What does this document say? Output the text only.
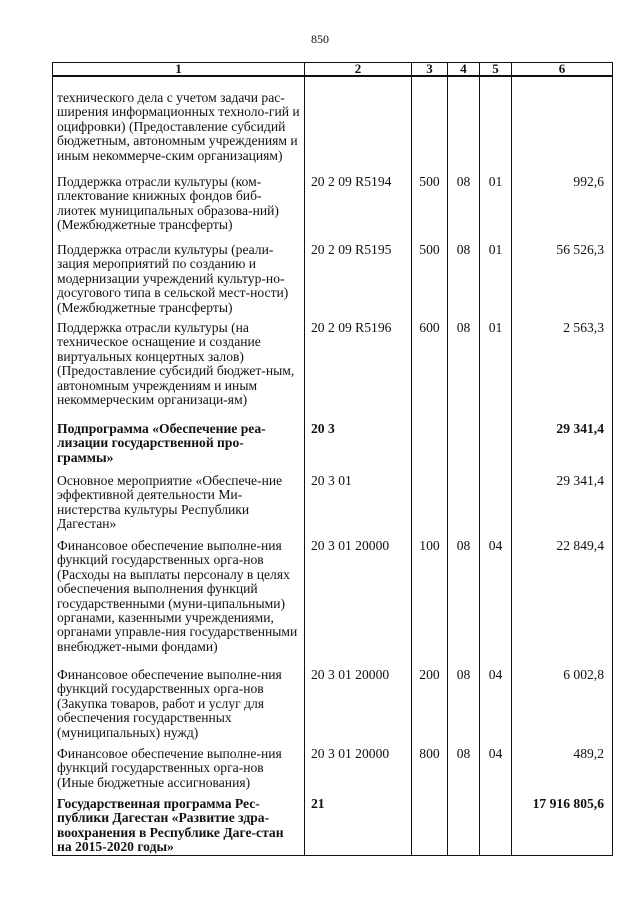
850
1	2	3	4	5	6
технического дела с учетом задачи рас-ширения информационных техноло-гий и оцифровки) (Предоставление субсидий бюджетным, автономным учреждениям и иным некоммерче-ским организациям)					
Поддержка отрасли культуры (ком-плектование книжных фондов биб-лиотек муниципальных образова-ний) (Межбюджетные трансферты)	20 2 09 R5194	500	08	01	992,6
Поддержка отрасли культуры (реали-зация мероприятий по созданию и модернизации учреждений культур-но-досугового типа в сельской мест-ности) (Межбюджетные трансферты)	20 2 09 R5195	500	08	01	56 526,3
Поддержка отрасли культуры (на техническое оснащение и создание виртуальных концертных залов) (Предоставление субсидий бюджет-ным, автономным учреждениям и иным некоммерческим организаци-ям)	20 2 09 R5196	600	08	01	2 563,3
Подпрограмма «Обеспечение реа-лизации государственной про-граммы»	20 3				29 341,4
Основное мероприятие «Обеспече-ние эффективной деятельности Ми-нистерства культуры Республики Дагестан»	20 3 01				29 341,4
Финансовое обеспечение выполне-ния функций государственных орга-нов (Расходы на выплаты персоналу в целях обеспечения выполнения функций государственными (муни-ципальными) органами, казенными учреждениями, органами управле-ния государственными внебюджет-ными фондами)	20 3 01 20000	100	08	04	22 849,4
Финансовое обеспечение выполне-ния функций государственных орга-нов (Закупка товаров, работ и услуг для обеспечения государственных (муниципальных) нужд)	20 3 01 20000	200	08	04	6 002,8
Финансовое обеспечение выполне-ния функций государственных орга-нов (Иные бюджетные ассигнования)	20 3 01 20000	800	08	04	489,2
Государственная программа Рес-публики Дагестан «Развитие здра-воохранения в Республике Даге-стан на 2015-2020 годы»	21				17 916 805,6
